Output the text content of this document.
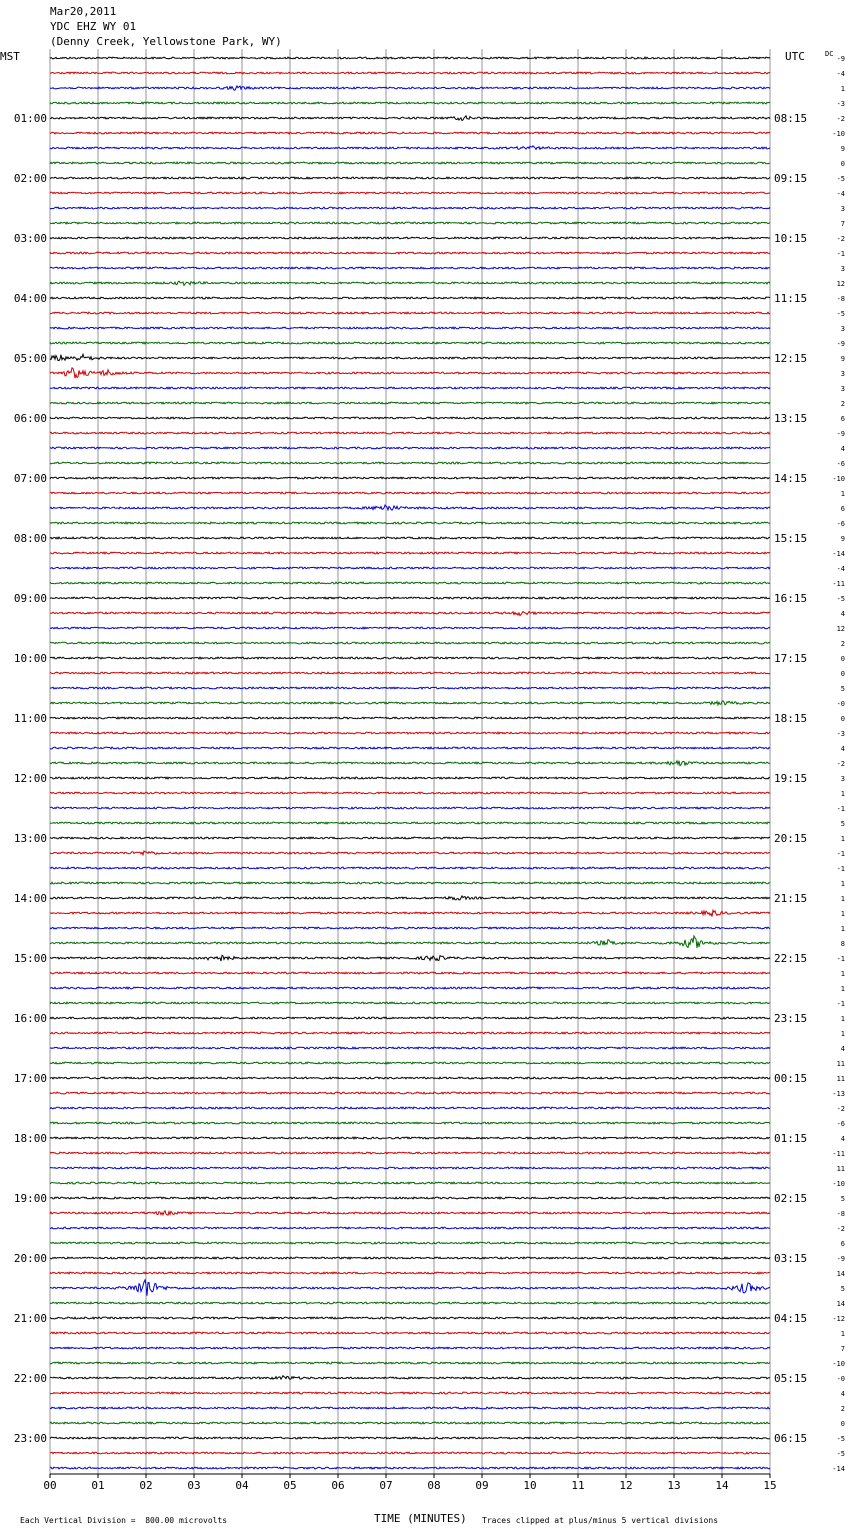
Mar20,2011
YDC EHZ WY 01
(Denny Creek, Yellowstone Park, WY)
MST	UTC
01:00
02:00
03:00
04:00
05:00
06:00
07:00
08:00
09:00
10:00
11:00
12:00
13:00
14:00
15:00
16:00
17:00
18:00
19:00
20:00
21:00
22:00
23:00
08:15
09:15
10:15
11:15
12:15
13:15
14:15
15:15
16:15
17:15
18:15
19:15
20:15
21:15
22:15
23:15
00:15
01:15
02:15
03:15
04:15
05:15
06:15
DC
-9
-4
1
-3
-2
-10
9
0
-5
-4
3
7
-2
-1
3
12
-8
-5
3
-9
9
3
3
2
6
-9
4
-6
-10
1
6
-6
9
-14
-4
-11
-5
4
12
2
0
0
5
-0
0
-3
4
-2
3
1
-1
5
1
-1
-1
1
1
1
1
8
-1
1
1
-1
1
1
4
11
11
-13
-2
-6
4
-11
11
-10
5
-8
-2
6
-9
14
5
14
-12
1
7
-10
-0
4
2
0
-5
-5
-14
00	01	02	03	04	05	06	07	08	09	10	11	12	13	14	15
TIME (MINUTES)
Each Vertical Division =  800.00 microvolts	Traces clipped at plus/minus 5 vertical divisions
